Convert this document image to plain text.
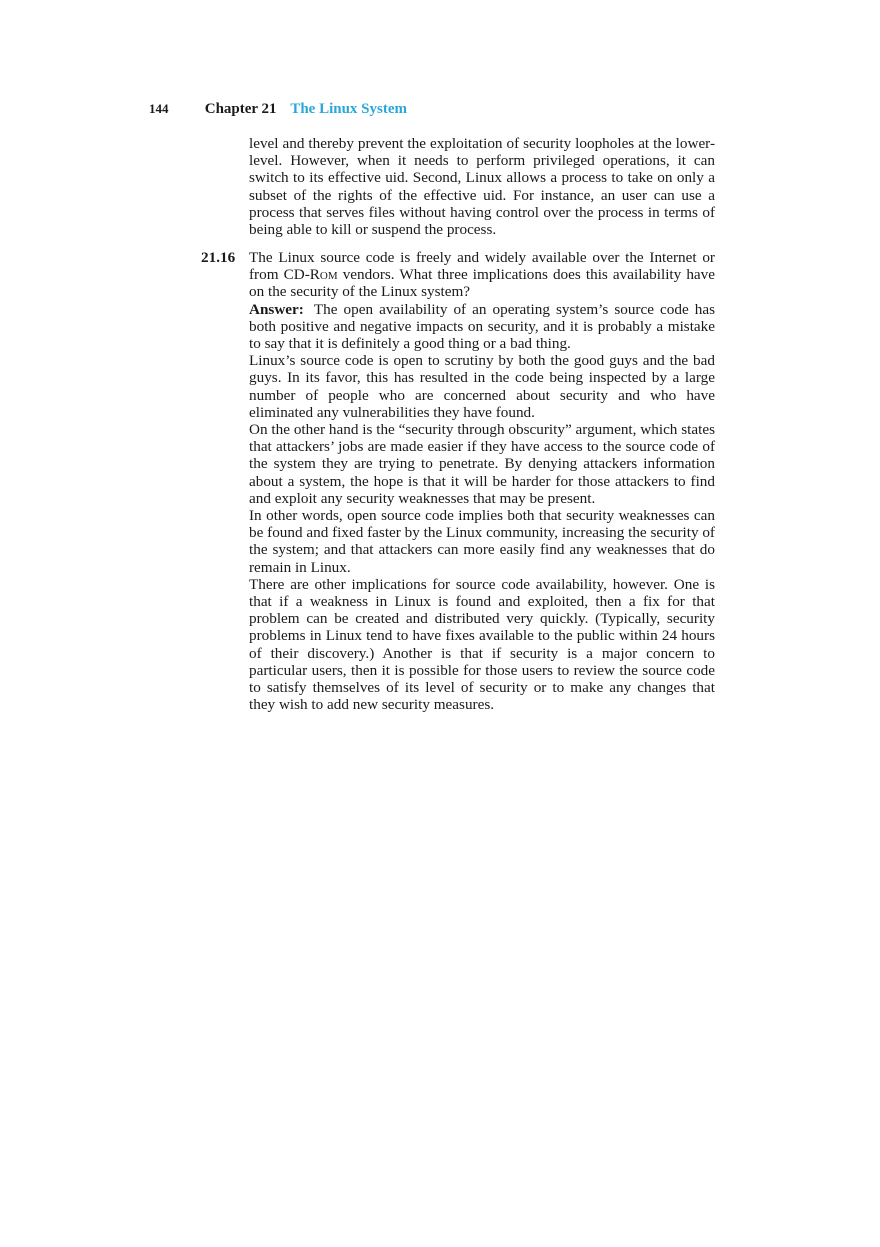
144 Chapter 21 The Linux System

level and thereby prevent the exploitation of security loopholes at the lower-level. However, when it needs to perform privileged operations, it can switch to its effective uid. Second, Linux allows a process to take on only a subset of the rights of the effective uid. For instance, an user can use a process that serves files without having control over the process in terms of being able to kill or suspend the process.

21.16 The Linux source code is freely and widely available over the Internet or from CD-Rom vendors. What three implications does this availability have on the security of the Linux system?

Answer: The open availability of an operating system’s source code has both positive and negative impacts on security, and it is probably a mistake to say that it is definitely a good thing or a bad thing.

Linux’s source code is open to scrutiny by both the good guys and the bad guys. In its favor, this has resulted in the code being inspected by a large number of people who are concerned about security and who have eliminated any vulnerabilities they have found.

On the other hand is the “security through obscurity” argument, which states that attackers’ jobs are made easier if they have access to the source code of the system they are trying to penetrate. By denying attackers information about a system, the hope is that it will be harder for those attackers to find and exploit any security weaknesses that may be present.

In other words, open source code implies both that security weaknesses can be found and fixed faster by the Linux community, increasing the security of the system; and that attackers can more easily find any weaknesses that do remain in Linux.

There are other implications for source code availability, however. One is that if a weakness in Linux is found and exploited, then a fix for that problem can be created and distributed very quickly. (Typically, security problems in Linux tend to have fixes available to the public within 24 hours of their discovery.) Another is that if security is a major concern to particular users, then it is possible for those users to review the source code to satisfy themselves of its level of security or to make any changes that they wish to add new security measures.
